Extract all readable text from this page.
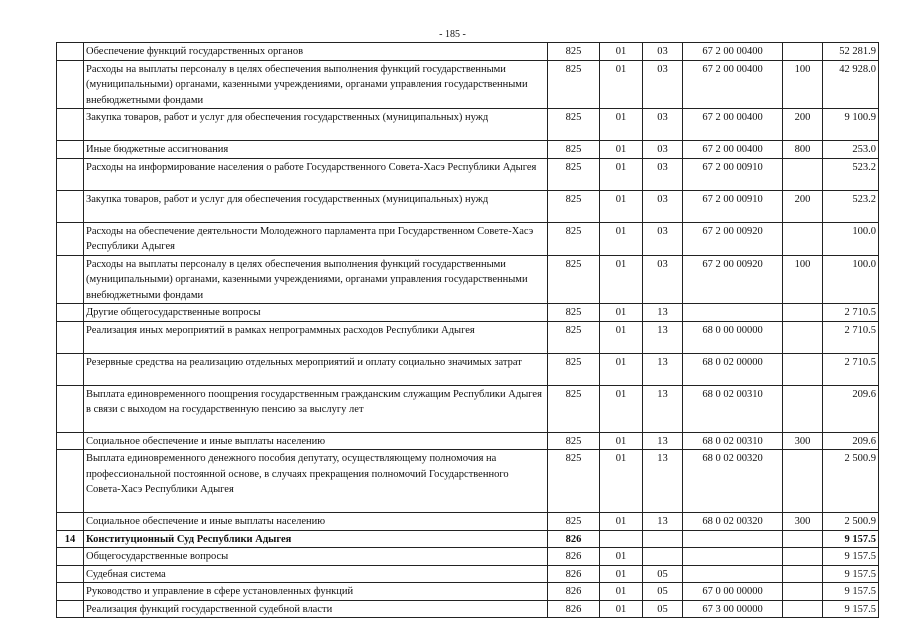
- 185 -
	Обеспечение функций государственных органов	825	01	03	67 2 00 00400		52 281.9
	Расходы на выплаты персоналу в целях обеспечения выполнения функций государственными (муниципальными) органами, казенными учреждениями, органами управления государственными внебюджетными фондами	825	01	03	67 2 00 00400	100	42 928.0
	Закупка товаров, работ и услуг для обеспечения государственных (муниципальных) нужд	825	01	03	67 2 00 00400	200	9 100.9
	Иные бюджетные ассигнования	825	01	03	67 2 00 00400	800	253.0
	Расходы на информирование населения о работе Государственного Совета-Хасэ Республики Адыгея	825	01	03	67 2 00 00910		523.2
	Закупка товаров, работ и услуг для обеспечения государственных (муниципальных) нужд	825	01	03	67 2 00 00910	200	523.2
	Расходы на обеспечение деятельности Молодежного парламента при Государственном Совете-Хасэ Республики Адыгея	825	01	03	67 2 00 00920		100.0
	Расходы на выплаты персоналу в целях обеспечения выполнения функций государственными (муниципальными) органами, казенными учреждениями, органами управления государственными внебюджетными фондами	825	01	03	67 2 00 00920	100	100.0
	Другие общегосударственные вопросы	825	01	13			2 710.5
	Реализация иных мероприятий в рамках непрограммных расходов Республики Адыгея	825	01	13	68 0 00 00000		2 710.5
	Резервные средства на реализацию отдельных мероприятий и оплату социально значимых затрат	825	01	13	68 0 02 00000		2 710.5
	Выплата единовременного поощрения государственным гражданским служащим Республики Адыгея в связи с выходом на государственную пенсию за выслугу лет	825	01	13	68 0 02 00310		209.6
	Социальное обеспечение и иные выплаты населению	825	01	13	68 0 02 00310	300	209.6
	Выплата единовременного денежного пособия депутату, осуществляющему полномочия на профессиональной постоянной основе, в случаях прекращения полномочий Государственного Совета-Хасэ Республики Адыгея	825	01	13	68 0 02 00320		2 500.9
	Социальное обеспечение и иные выплаты населению	825	01	13	68 0 02 00320	300	2 500.9
14	Конституционный Суд Республики Адыгея	826					9 157.5
	Общегосударственные вопросы	826	01				9 157.5
	Судебная система	826	01	05			9 157.5
	Руководство и управление в сфере установленных функций	826	01	05	67 0 00 00000		9 157.5
	Реализация функций государственной судебной власти	826	01	05	67 3 00 00000		9 157.5
